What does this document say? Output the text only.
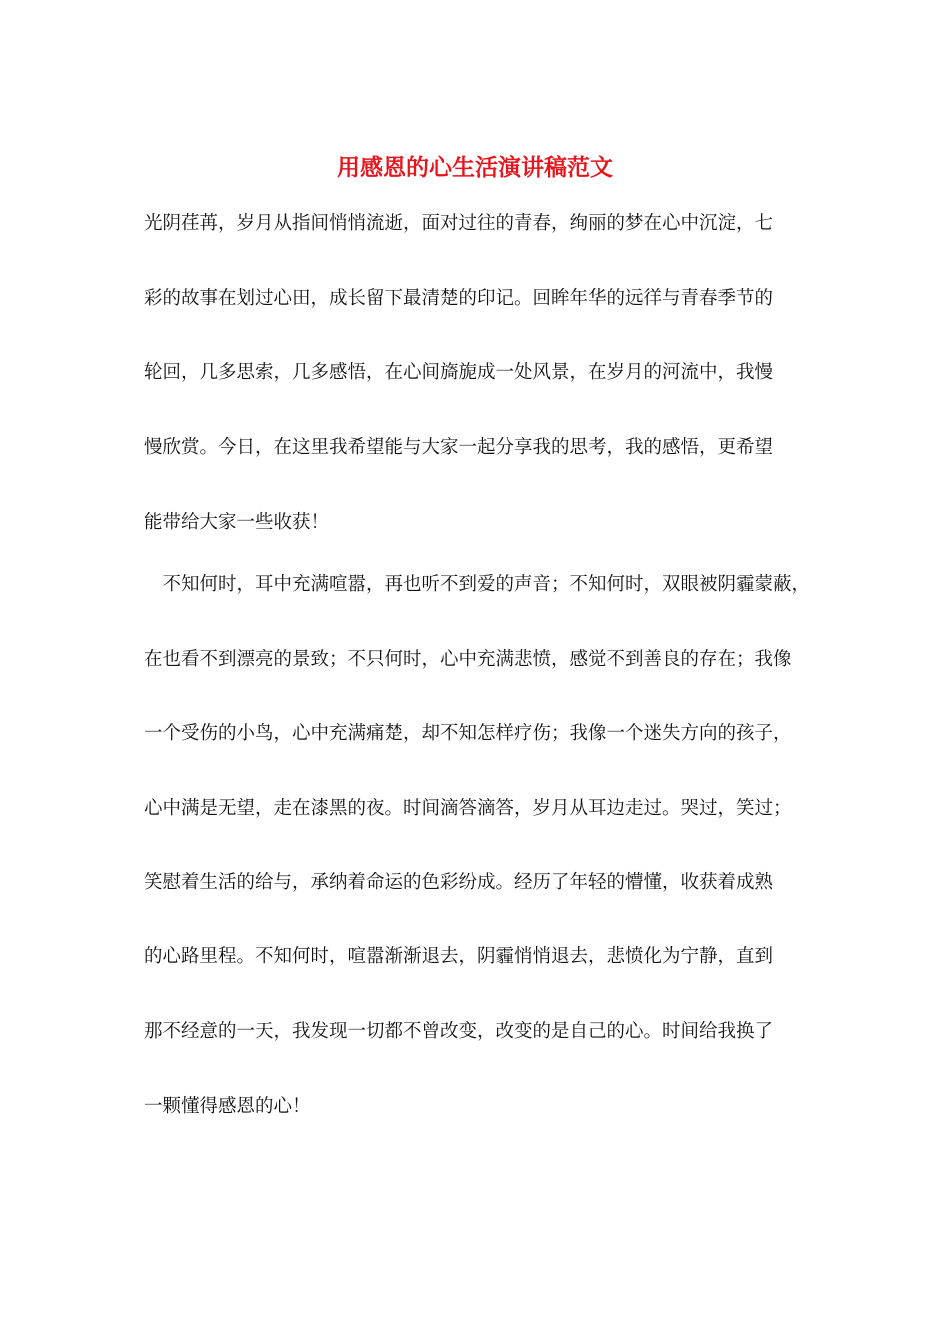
用感恩的心生活演讲稿范文
光阴荏苒，岁月从指间悄悄流逝，面对过往的青春，绚丽的梦在心中沉淀，七
彩的故事在划过心田，成长留下最清楚的印记。回眸年华的远徉与青春季节的
轮回，几多思索，几多感悟，在心间旖旎成一处风景，在岁月的河流中，我慢
慢欣赏。今日，在这里我希望能与大家一起分享我的思考，我的感悟，更希望
能带给大家一些收获！
　不知何时，耳中充满喧嚣，再也听不到爱的声音；不知何时，双眼被阴霾蒙蔽，
在也看不到漂亮的景致；不只何时，心中充满悲愤，感觉不到善良的存在；我像
一个受伤的小鸟，心中充满痛楚，却不知怎样疗伤；我像一个迷失方向的孩子，
心中满是无望，走在漆黑的夜。时间滴答滴答，岁月从耳边走过。哭过，笑过；
笑慰着生活的给与，承纳着命运的色彩纷成。经历了年轻的懵懂，收获着成熟
的心路里程。不知何时，喧嚣渐渐退去，阴霾悄悄退去，悲愤化为宁静，直到
那不经意的一天，我发现一切都不曾改变，改变的是自己的心。时间给我换了
一颗懂得感恩的心！
